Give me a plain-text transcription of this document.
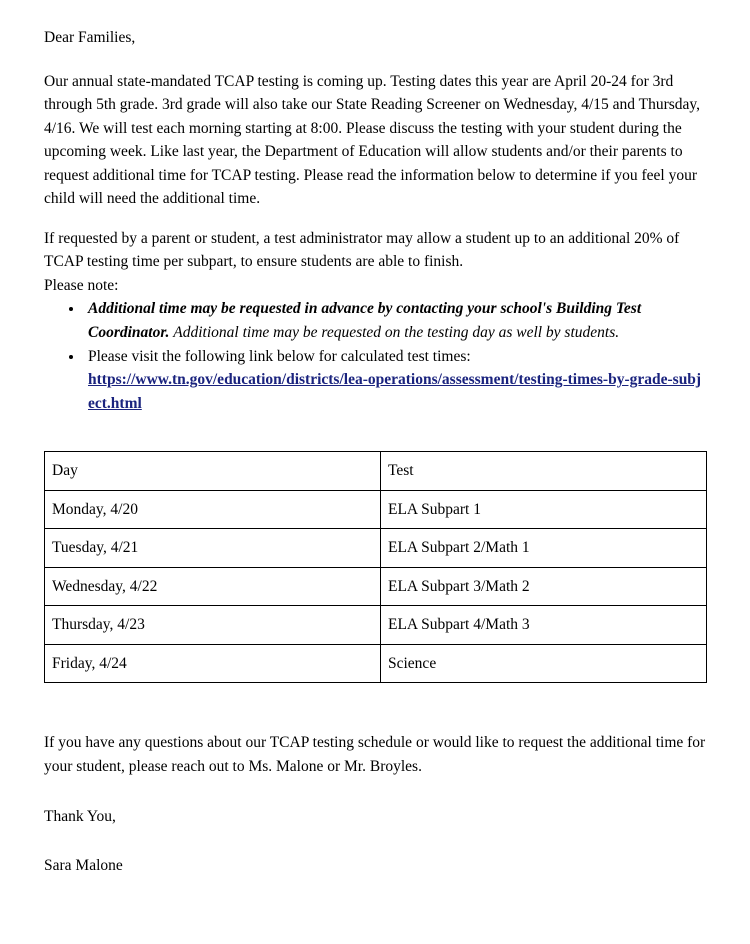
Dear Families,

Our annual state-mandated TCAP testing is coming up. Testing dates this year are April 20-24 for 3rd through 5th grade. 3rd grade will also take our State Reading Screener on Wednesday, 4/15 and Thursday, 4/16. We will test each morning starting at 8:00. Please discuss the testing with your student during the upcoming week. Like last year, the Department of Education will allow students and/or their parents to request additional time for TCAP testing. Please read the information below to determine if you feel your child will need the additional time.

If requested by a parent or student, a test administrator may allow a student up to an additional 20% of TCAP testing time per subpart, to ensure students are able to finish.

Please note:

• Additional time may be requested in advance by contacting your school's Building Test Coordinator. Additional time may be requested on the testing day as well by students.
• Please visit the following link below for calculated test times:
https://www.tn.gov/education/districts/lea-operations/assessment/testing-times-by-grade-subject.html
Day	Test
Monday, 4/20	ELA Subpart 1
Tuesday, 4/21	ELA Subpart 2/Math 1
Wednesday, 4/22	ELA Subpart 3/Math 2
Thursday, 4/23	ELA Subpart 4/Math 3
Friday, 4/24	Science

If you have any questions about our TCAP testing schedule or would like to request the additional time for your student, please reach out to Ms. Malone or Mr. Broyles.

Thank You,

Sara Malone
